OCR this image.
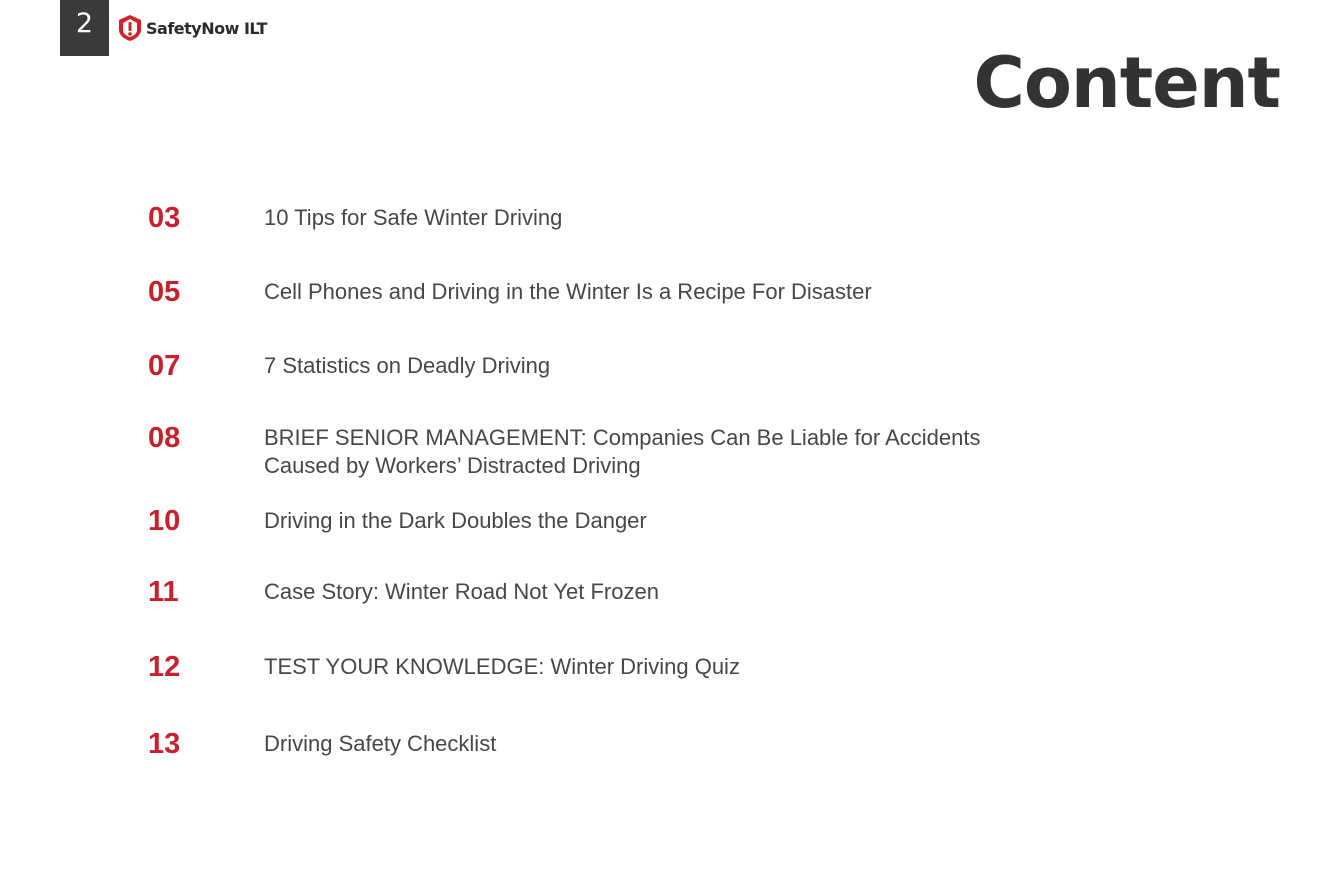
2	SafetyNow ILT
Content
03	10 Tips for Safe Winter Driving
05	Cell Phones and Driving in the Winter Is a Recipe For Disaster
07	7 Statistics on Deadly Driving
08	BRIEF SENIOR MANAGEMENT: Companies Can Be Liable for Accidents Caused by Workers’ Distracted Driving
10	Driving in the Dark Doubles the Danger
11	Case Story: Winter Road Not Yet Frozen
12	TEST YOUR KNOWLEDGE: Winter Driving Quiz
13	Driving Safety Checklist
